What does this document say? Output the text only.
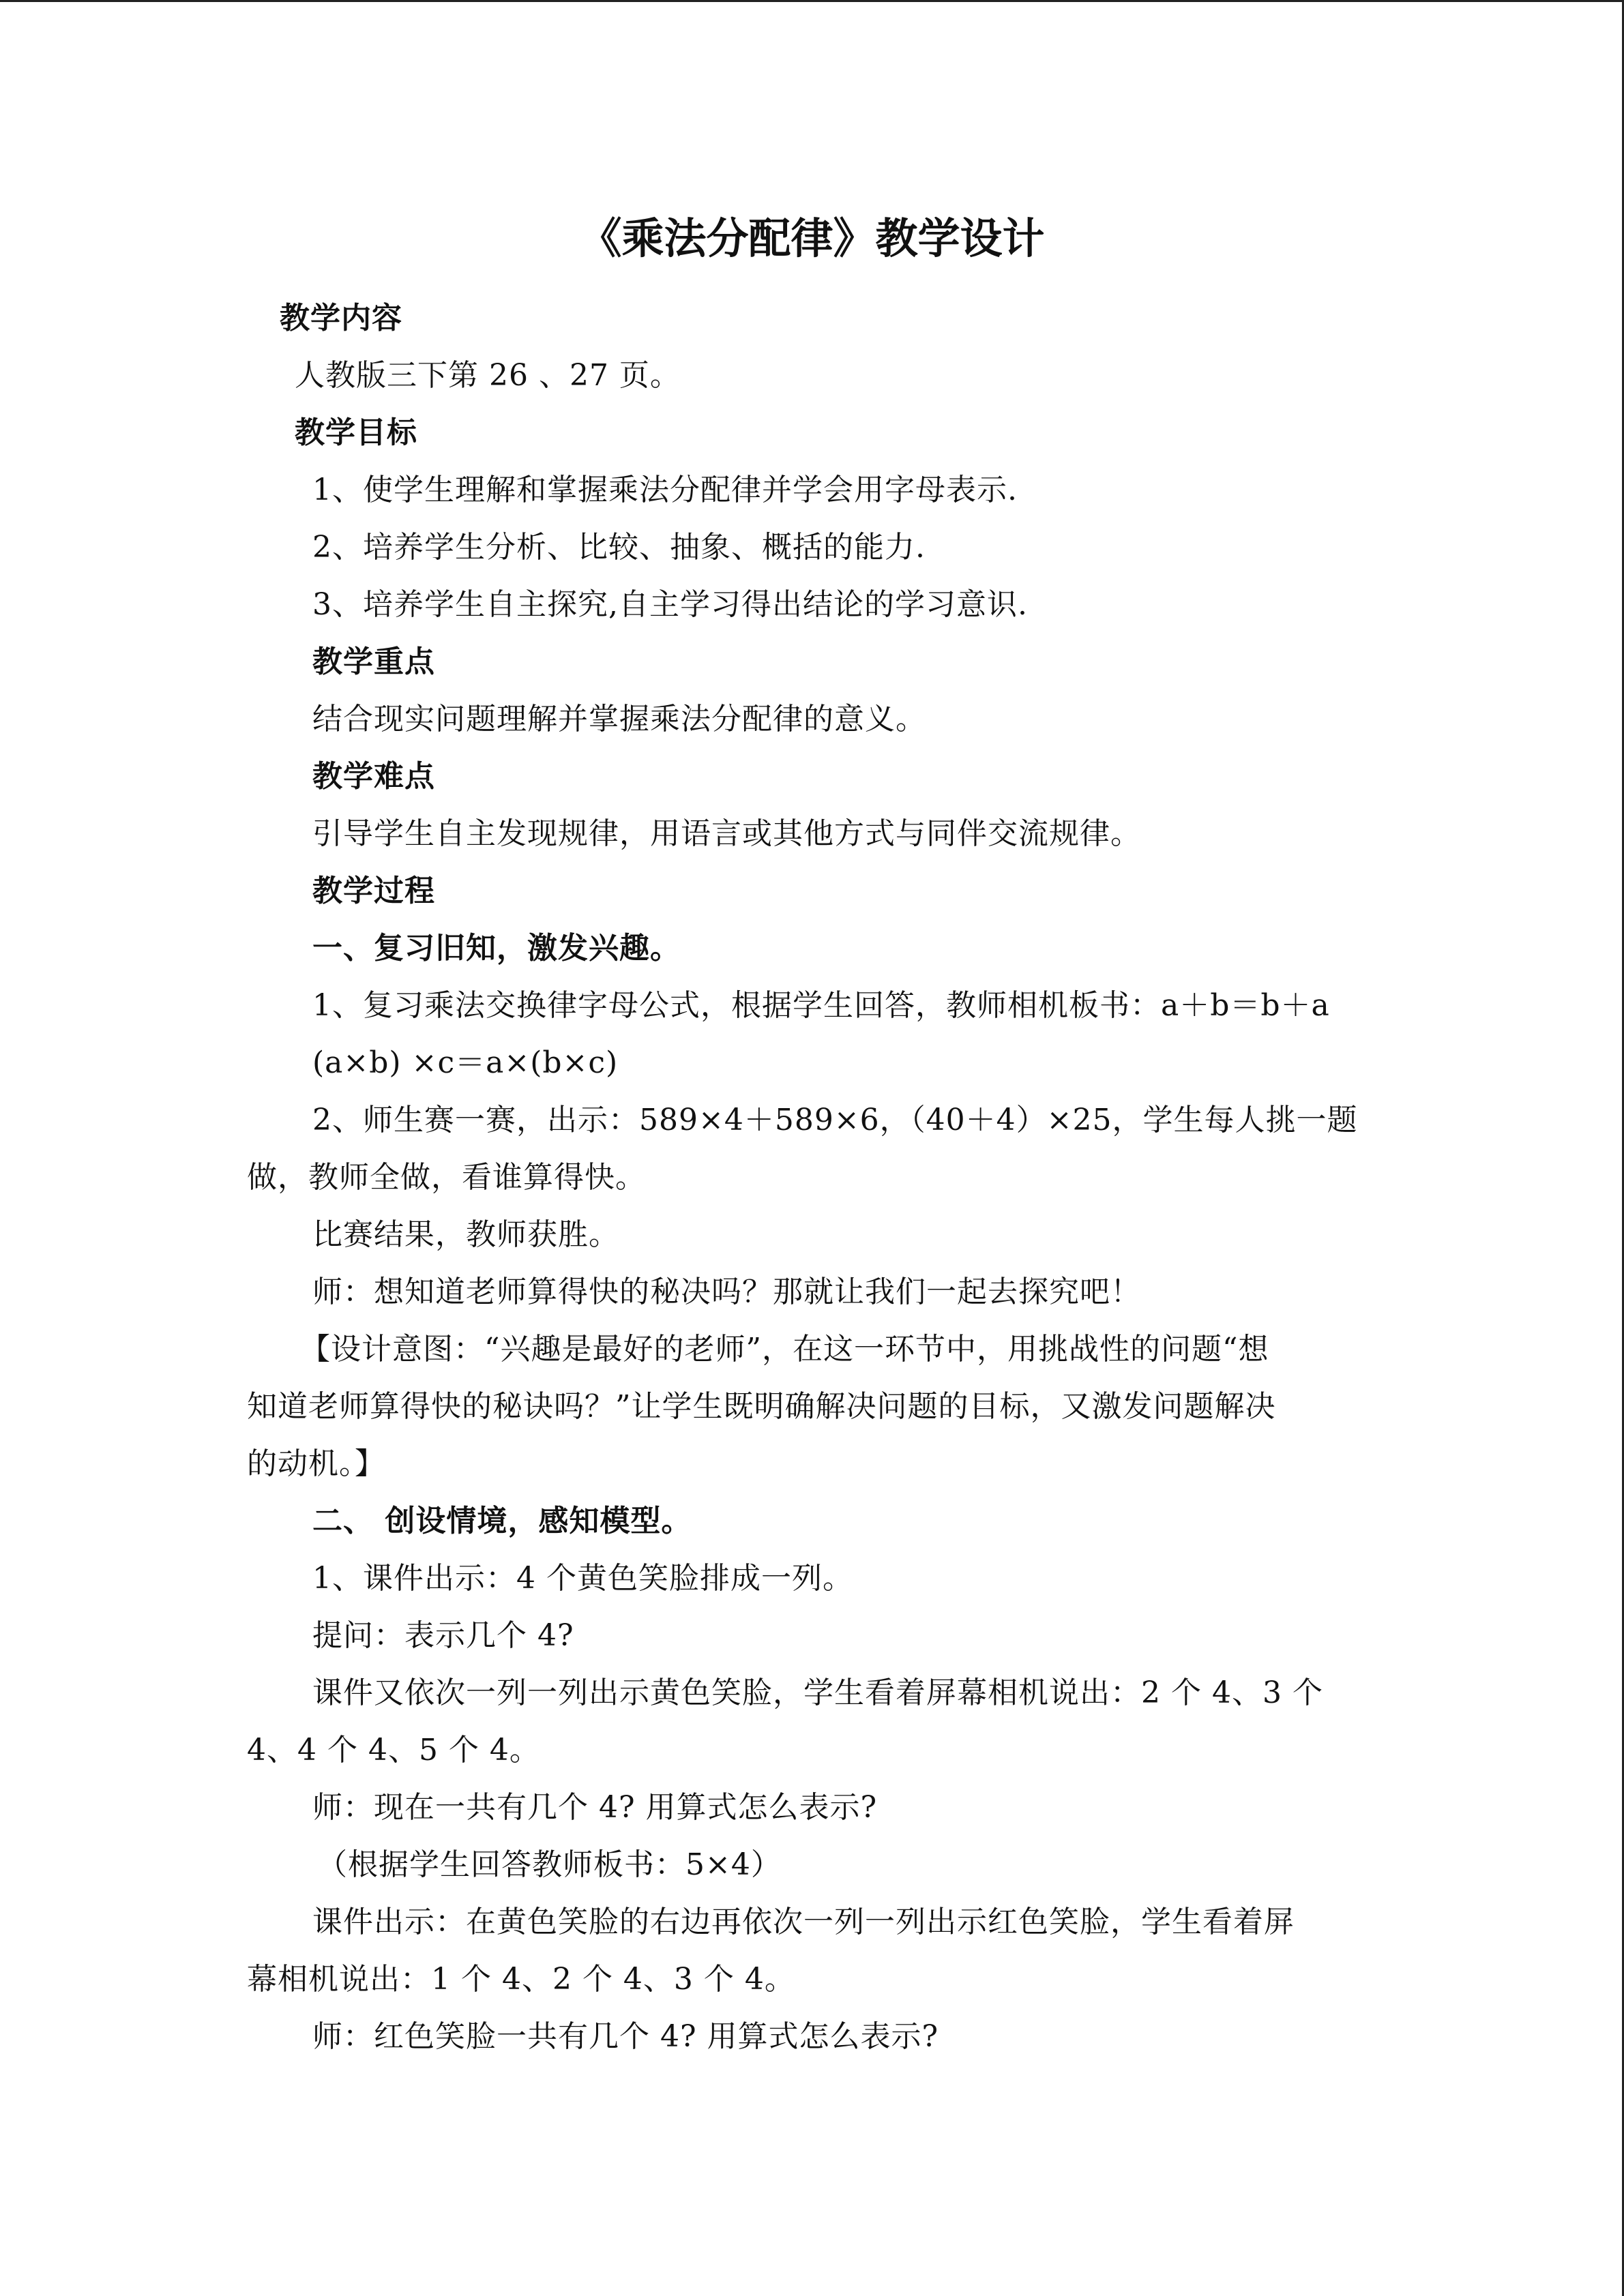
《乘法分配律》教学设计
教学内容
人教版三下第 26 、27 页。
教学目标
1、使学生理解和掌握乘法分配律并学会用字母表示.
2、培养学生分析、比较、抽象、概括的能力.
3、培养学生自主探究,自主学习得出结论的学习意识.
教学重点
结合现实问题理解并掌握乘法分配律的意义。
教学难点
引导学生自主发现规律，用语言或其他方式与同伴交流规律。
教学过程
一、复习旧知，激发兴趣。
1、复习乘法交换律字母公式，根据学生回答，教师相机板书：a＋b＝b＋a
(a×b) ×c＝a×(b×c)
2、师生赛一赛，出示：589×4＋589×6，（40＋4）×25，学生每人挑一题
做，教师全做，看谁算得快。
比赛结果，教师获胜。
师：想知道老师算得快的秘决吗？那就让我们一起去探究吧！
【设计意图：“兴趣是最好的老师”，在这一环节中，用挑战性的问题“想
知道老师算得快的秘诀吗？”让学生既明确解决问题的目标，又激发问题解决
的动机。】
二、 创设情境，感知模型。
1、课件出示：4 个黄色笑脸排成一列。
提问：表示几个 4?
课件又依次一列一列出示黄色笑脸，学生看着屏幕相机说出：2 个 4、3 个
4、4 个 4、5 个 4。
师：现在一共有几个 4? 用算式怎么表示?
（根据学生回答教师板书：5×4）
课件出示：在黄色笑脸的右边再依次一列一列出示红色笑脸，学生看着屏
幕相机说出：1 个 4、2 个 4、3 个 4。
师：红色笑脸一共有几个 4? 用算式怎么表示?
